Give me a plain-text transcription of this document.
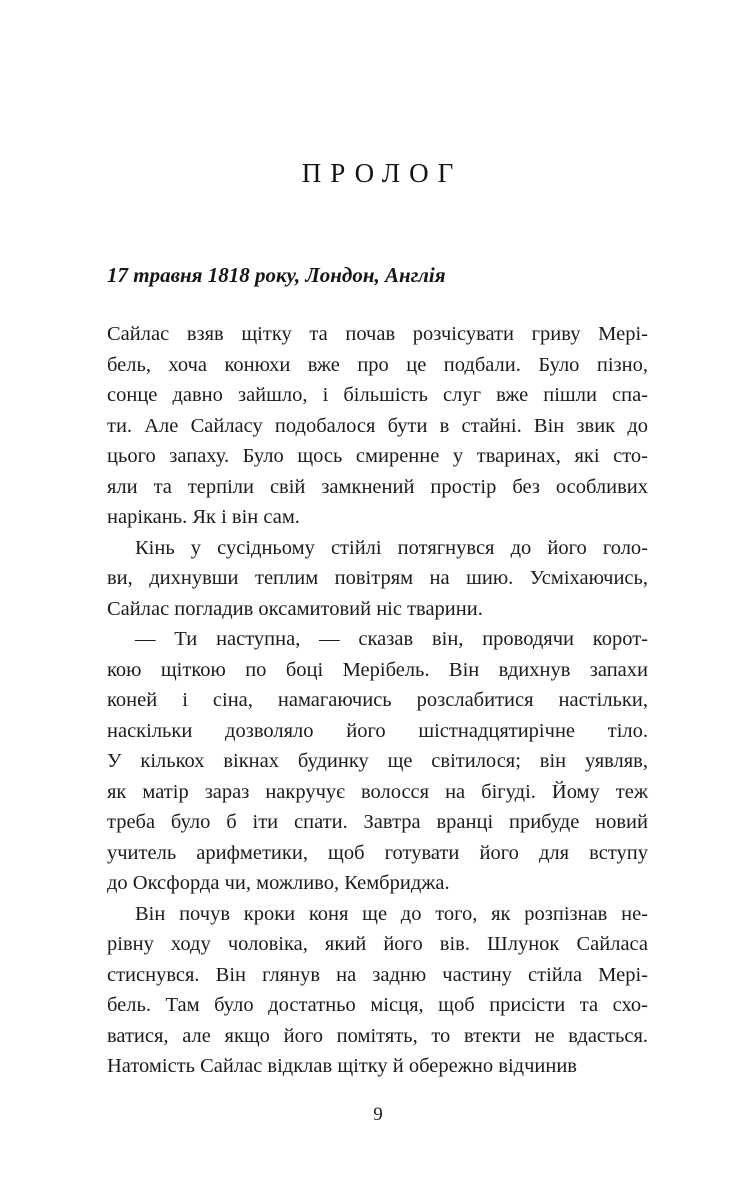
ПРОЛОГ
17 травня 1818 року, Лондон, Англія
Сайлас взяв щітку та почав розчісувати гриву Мері-
бель, хоча конюхи вже про це подбали. Було пізно,
сонце давно зайшло, і більшість слуг вже пішли спа-
ти. Але Сайласу подобалося бути в стайні. Він звик до
цього запаху. Було щось смиренне у тваринах, які сто-
яли та терпіли свій замкнений простір без особливих
нарікань. Як і він сам.
Кінь у сусідньому стійлі потягнувся до його голо-
ви, дихнувши теплим повітрям на шию. Усміхаючись,
Сайлас погладив оксамитовий ніс тварини.
— Ти наступна, — сказав він, проводячи корот-
кою щіткою по боці Мерібель. Він вдихнув запахи
коней і сіна, намагаючись розслабитися настільки,
наскільки дозволяло його шістнадцятирічне тіло.
У кількох вікнах будинку ще світилося; він уявляв,
як матір зараз накручує волосся на бігуді. Йому теж
треба було б іти спати. Завтра вранці прибуде новий
учитель арифметики, щоб готувати його для вступу
до Оксфорда чи, можливо, Кембриджа.
Він почув кроки коня ще до того, як розпізнав не-
рівну ходу чоловіка, який його вів. Шлунок Сайласа
стиснувся. Він глянув на задню частину стійла Мері-
бель. Там було достатньо місця, щоб присісти та схо-
ватися, але якщо його помітять, то втекти не вдасться.
Натомість Сайлас відклав щітку й обережно відчинив
9
